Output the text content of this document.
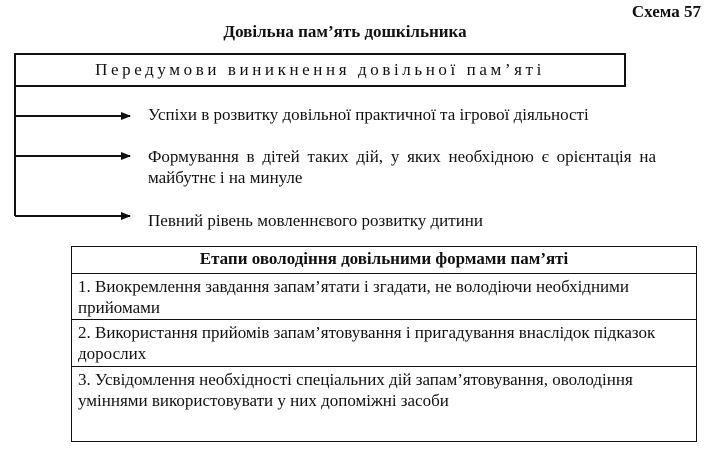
Схема 57
Довільна пам’ять дошкільника
Передумови виникнення довільної пам’яті
Успіхи в розвитку довільної практичної та ігрової діяльності
Формування в дітей таких дій, у яких необхідною є орієнтація на майбутнє і на минуле
Певний рівень мовленнєвого розвитку дитини
Етапи оволодіння довільними формами пам’яті
1. Виокремлення завдання запам’ятати і згадати, не володіючи необхідними прийомами
2. Використання прийомів запам’ятовування і пригадування внаслідок підказок дорослих
3. Усвідомлення необхідності спеціальних дій запам’ятовування, оволодіння уміннями використовувати у них допоміжні засоби
